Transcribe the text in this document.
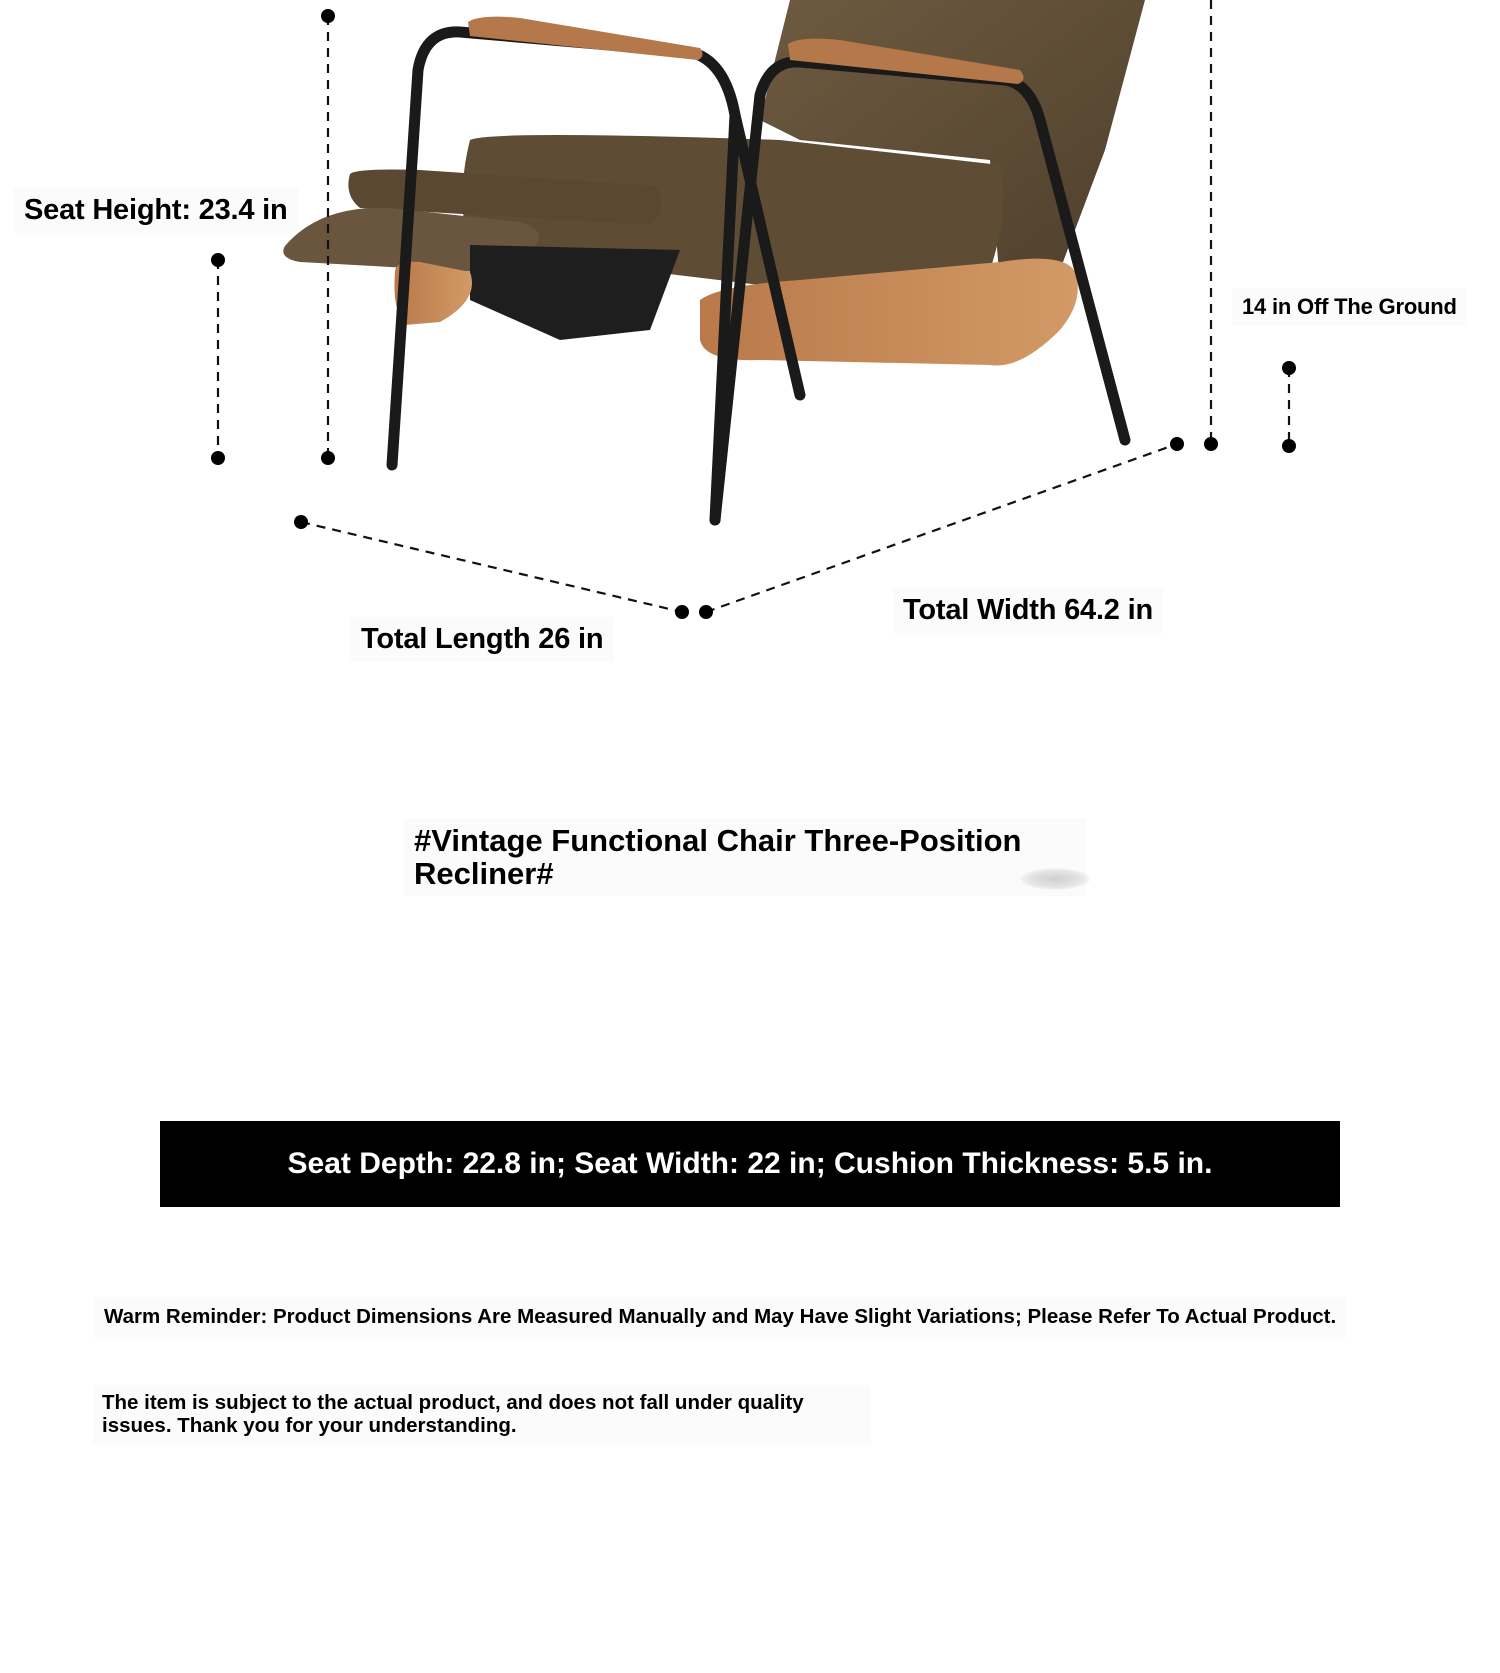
Seat Height: 23.4 in
14 in Off The Ground
Total Length 26 in
Total Width 64.2 in
#Vintage Functional Chair Three-Position
Recliner#
Seat Depth: 22.8 in; Seat Width: 22 in; Cushion Thickness: 5.5 in.
Warm Reminder: Product Dimensions Are Measured Manually and May Have Slight Variations; Please Refer To Actual Product.
The item is subject to the actual product, and does not fall under quality
issues. Thank you for your understanding.
